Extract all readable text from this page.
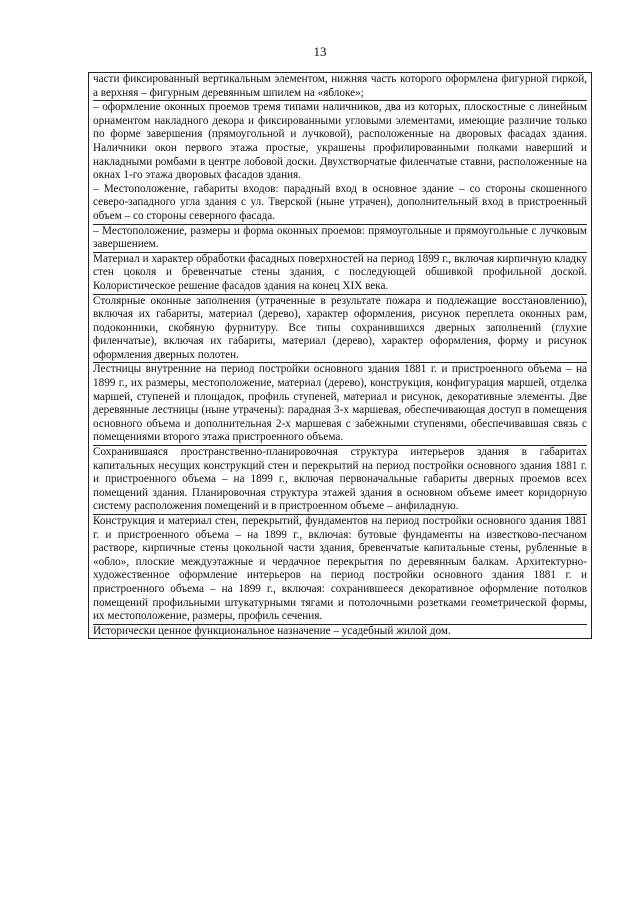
13

части фиксированный вертикальным элементом, нижняя часть которого оформлена фигурной гиркой, а верхняя – фигурным деревянным шпилем на «яблоке»;

– оформление оконных проемов тремя типами наличников, два из которых, плоскостные с линейным орнаментом накладного декора и фиксированными угловыми элементами, имеющие различие только по форме завершения (прямоугольной и лучковой), расположенные на дворовых фасадах здания. Наличники окон первого этажа простые, украшены профилированными полками наверший и накладными ромбами в центре лобовой доски. Двухстворчатые филенчатые ставни, расположенные на окнах 1-го этажа дворовых фасадов здания.

– Местоположение, габариты входов: парадный вход в основное здание – со стороны скошенного северо-западного угла здания с ул. Тверской (ныне утрачен), дополнительный вход в пристроенный объем – со стороны северного фасада.

– Местоположение, размеры и форма оконных проемов: прямоугольные и прямоугольные с лучковым завершением.

Материал и характер обработки фасадных поверхностей на период 1899 г., включая кирпичную кладку стен цоколя и бревенчатые стены здания, с последующей обшивкой профильной доской. Колористическое решение фасадов здания на конец XIX века.

Столярные оконные заполнения (утраченные в результате пожара и подлежащие восстановлению), включая их габариты, материал (дерево), характер оформления, рисунок переплета оконных рам, подоконники, скобяную фурнитуру. Все типы сохранившихся дверных заполнений (глухие филенчатые), включая их габариты, материал (дерево), характер оформления, форму и рисунок оформления дверных полотен.

Лестницы внутренние на период постройки основного здания 1881 г. и пристроенного объема – на 1899 г., их размеры, местоположение, материал (дерево), конструкция, конфигурация маршей, отделка маршей, ступеней и площадок, профиль ступеней, материал и рисунок, декоративные элементы. Две деревянные лестницы (ныне утрачены): парадная 3-х маршевая, обеспечивающая доступ в помещения основного объема и дополнительная 2-х маршевая с забежными ступенями, обеспечивавшая связь с помещениями второго этажа пристроенного объема.

Сохранившаяся пространственно-планировочная структура интерьеров здания в габаритах капитальных несущих конструкций стен и перекрытий на период постройки основного здания 1881 г. и пристроенного объема – на 1899 г., включая первоначальные габариты дверных проемов всех помещений здания. Планировочная структура этажей здания в основном объеме имеет коридорную систему расположения помещений и в пристроенном объеме – анфиладную.

Конструкция и материал стен, перекрытий, фундаментов на период постройки основного здания 1881 г. и пристроенного объема – на 1899 г., включая: бутовые фундаменты на известково-песчаном растворе, кирпичные стены цокольной части здания, бревенчатые капитальные стены, рубленные в «обло», плоские междуэтажные и чердачное перекрытия по деревянным балкам. Архитектурно-художественное оформление интерьеров на период постройки основного здания 1881 г. и пристроенного объема – на 1899 г., включая: сохранившееся декоративное оформление потолков помещений профильными штукатурными тягами и потолочными розетками геометрической формы, их местоположение, размеры, профиль сечения.

Исторически ценное функциональное назначение – усадебный жилой дом.
